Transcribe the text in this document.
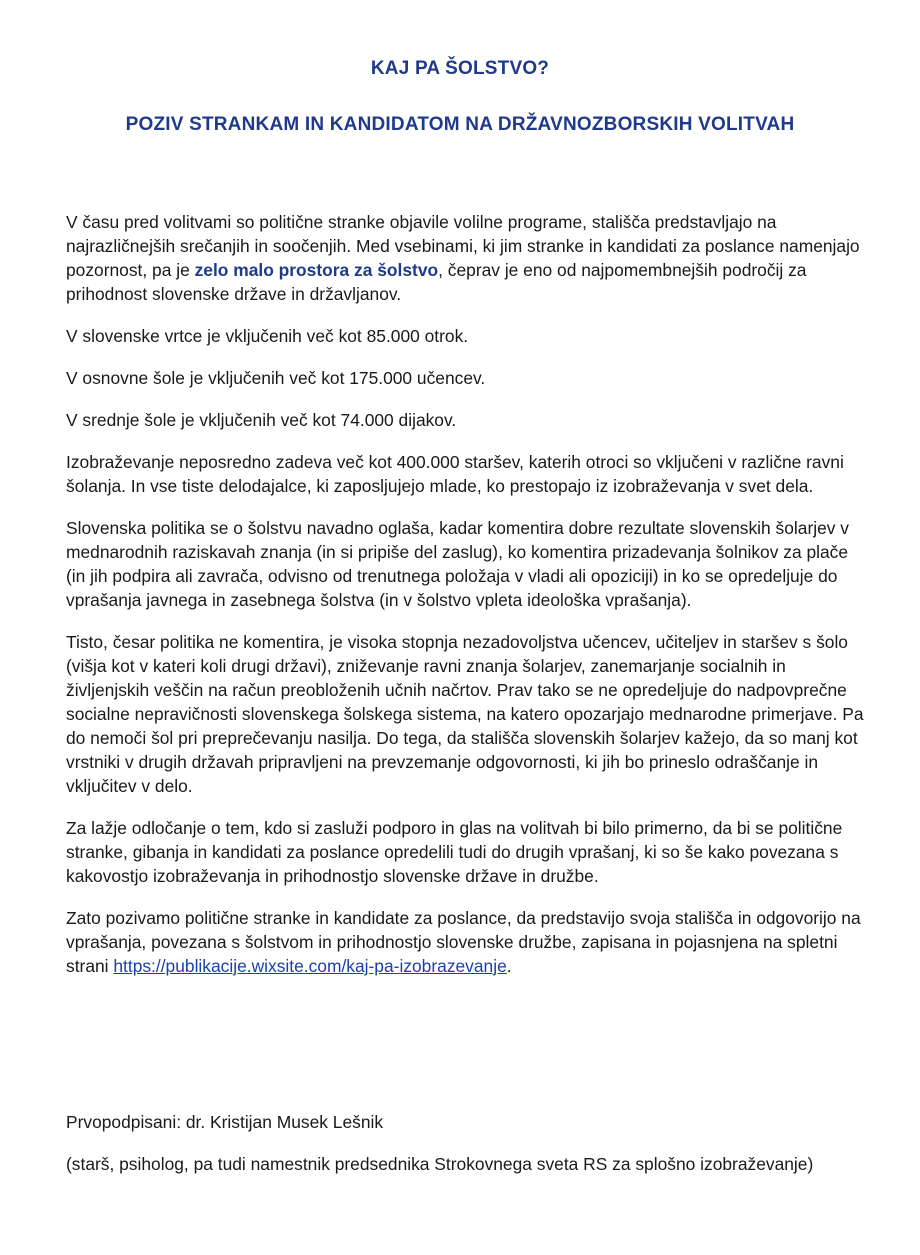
KAJ PA ŠOLSTVO?
POZIV STRANKAM IN KANDIDATOM NA DRŽAVNOZBORSKIH VOLITVAH

V času pred volitvami so politične stranke objavile volilne programe, stališča predstavljajo na najrazličnejših srečanjih in soočenjih. Med vsebinami, ki jim stranke in kandidati za poslance namenjajo pozornost, pa je zelo malo prostora za šolstvo, čeprav je eno od najpomembnejših področij za prihodnost slovenske države in državljanov.

V slovenske vrtce je vključenih več kot 85.000 otrok.

V osnovne šole je vključenih več kot 175.000 učencev.

V srednje šole je vključenih več kot 74.000 dijakov.

Izobraževanje neposredno zadeva več kot 400.000 staršev, katerih otroci so vključeni v različne ravni šolanja. In vse tiste delodajalce, ki zaposljujejo mlade, ko prestopajo iz izobraževanja v svet dela.

Slovenska politika se o šolstvu navadno oglaša, kadar komentira dobre rezultate slovenskih šolarjev v mednarodnih raziskavah znanja (in si pripiše del zaslug), ko komentira prizadevanja šolnikov za plače (in jih podpira ali zavrača, odvisno od trenutnega položaja v vladi ali opoziciji) in ko se opredeljuje do vprašanja javnega in zasebnega šolstva (in v šolstvo vpleta ideološka vprašanja).

Tisto, česar politika ne komentira, je visoka stopnja nezadovoljstva učencev, učiteljev in staršev s šolo (višja kot v kateri koli drugi državi), zniževanje ravni znanja šolarjev, zanemarjanje socialnih in življenjskih veščin na račun preobloženih učnih načrtov. Prav tako se ne opredeljuje do nadpovprečne socialne nepravičnosti slovenskega šolskega sistema, na katero opozarjajo mednarodne primerjave. Pa do nemoči šol pri preprečevanju nasilja. Do tega, da stališča slovenskih šolarjev kažejo, da so manj kot vrstniki v drugih državah pripravljeni na prevzemanje odgovornosti, ki jih bo prineslo odraščanje in vključitev v delo.

Za lažje odločanje o tem, kdo si zasluži podporo in glas na volitvah bi bilo primerno, da bi se politične stranke, gibanja in kandidati za poslance opredelili tudi do drugih vprašanj, ki so še kako povezana s kakovostjo izobraževanja in prihodnostjo slovenske države in družbe.

Zato pozivamo politične stranke in kandidate za poslance, da predstavijo svoja stališča in odgovorijo na vprašanja, povezana s šolstvom in prihodnostjo slovenske družbe, zapisana in pojasnjena na spletni strani https://publikacije.wixsite.com/kaj-pa-izobrazevanje.

Prvopodpisani: dr. Kristijan Musek Lešnik

(starš, psiholog, pa tudi namestnik predsednika Strokovnega sveta RS za splošno izobraževanje)
